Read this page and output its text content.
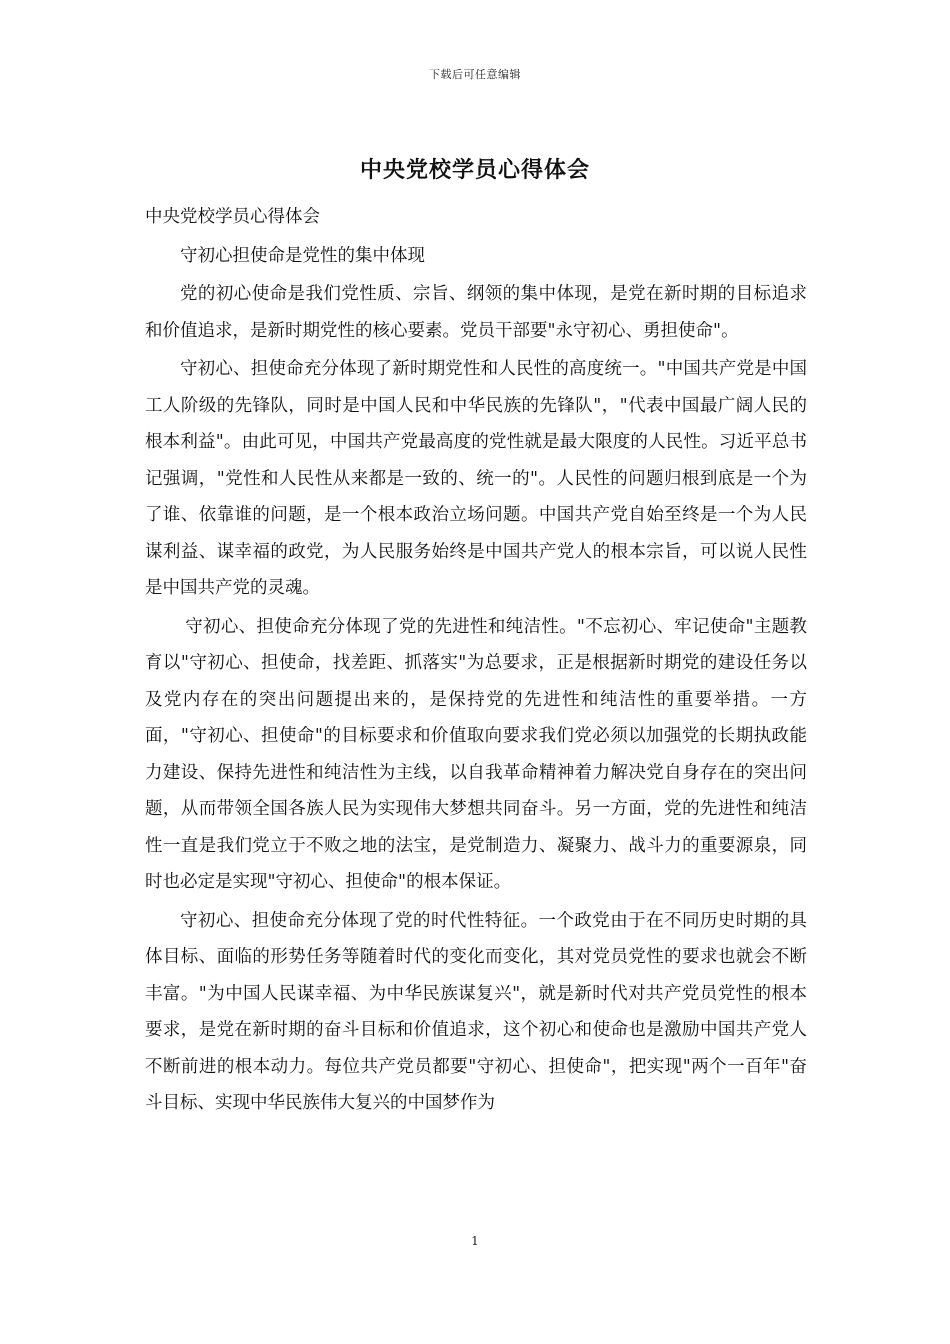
下载后可任意编辑
中央党校学员心得体会

中央党校学员心得体会

守初心担使命是党性的集中体现

党的初心使命是我们党性质、宗旨、纲领的集中体现，是党在新时期的目标追求和价值追求，是新时期党性的核心要素。党员干部要"永守初心、勇担使命"。

守初心、担使命充分体现了新时期党性和人民性的高度统一。"中国共产党是中国工人阶级的先锋队，同时是中国人民和中华民族的先锋队"，"代表中国最广阔人民的根本利益"。由此可见，中国共产党最高度的党性就是最大限度的人民性。习近平总书记强调，"党性和人民性从来都是一致的、统一的"。人民性的问题归根到底是一个为了谁、依靠谁的问题，是一个根本政治立场问题。中国共产党自始至终是一个为人民谋利益、谋幸福的政党，为人民服务始终是中国共产党人的根本宗旨，可以说人民性是中国共产党的灵魂。

守初心、担使命充分体现了党的先进性和纯洁性。"不忘初心、牢记使命"主题教育以"守初心、担使命，找差距、抓落实"为总要求，正是根据新时期党的建设任务以及党内存在的突出问题提出来的，是保持党的先进性和纯洁性的重要举措。一方面，"守初心、担使命"的目标要求和价值取向要求我们党必须以加强党的长期执政能力建设、保持先进性和纯洁性为主线，以自我革命精神着力解决党自身存在的突出问题，从而带领全国各族人民为实现伟大梦想共同奋斗。另一方面，党的先进性和纯洁性一直是我们党立于不败之地的法宝，是党制造力、凝聚力、战斗力的重要源泉，同时也必定是实现"守初心、担使命"的根本保证。

守初心、担使命充分体现了党的时代性特征。一个政党由于在不同历史时期的具体目标、面临的形势任务等随着时代的变化而变化，其对党员党性的要求也就会不断丰富。"为中国人民谋幸福、为中华民族谋复兴"，就是新时代对共产党员党性的根本要求，是党在新时期的奋斗目标和价值追求，这个初心和使命也是激励中国共产党人不断前进的根本动力。每位共产党员都要"守初心、担使命"，把实现"两个一百年"奋斗目标、实现中华民族伟大复兴的中国梦作为

1
